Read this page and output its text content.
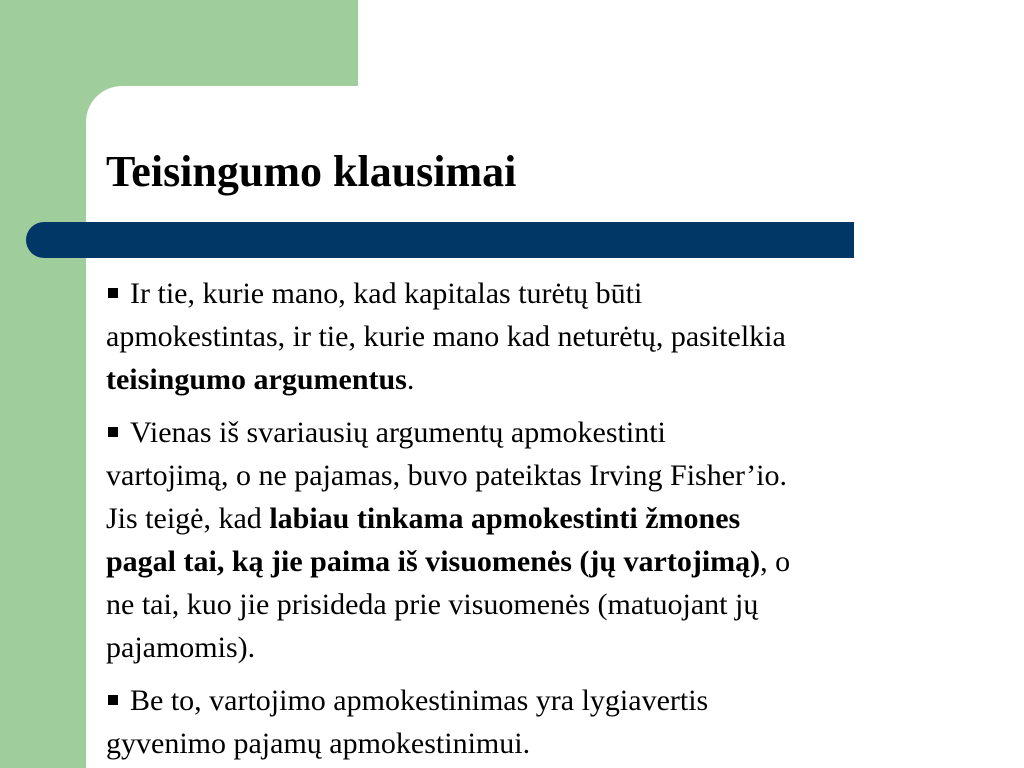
Teisingumo klausimai
Ir tie, kurie mano, kad kapitalas turėtų būti
apmokestintas, ir tie, kurie mano kad neturėtų, pasitelkia
teisingumo argumentus.
Vienas iš svariausių argumentų apmokestinti
vartojimą, o ne pajamas, buvo pateiktas Irving Fisher’io.
Jis teigė, kad labiau tinkama apmokestinti žmones
pagal tai, ką jie paima iš visuomenės (jų vartojimą), o
ne tai, kuo jie prisideda prie visuomenės (matuojant jų
pajamomis).
Be to, vartojimo apmokestinimas yra lygiavertis
gyvenimo pajamų apmokestinimui.
